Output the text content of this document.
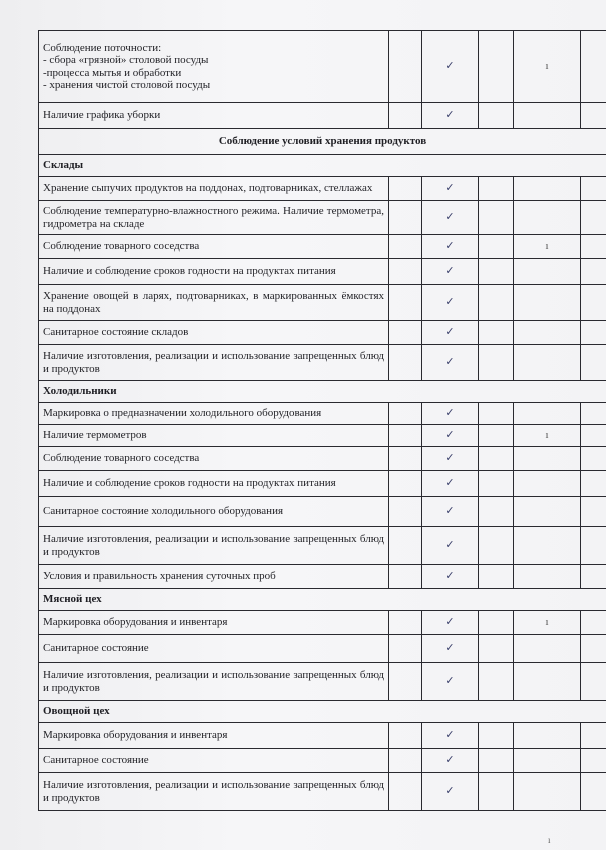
Соблюдение поточности:
- сбора «грязной» столовой посуды
-процесса мытья и обработки
- хранения чистой столовой посуды		✓		ı	
Наличие графика уборки		✓			
Соблюдение условий хранения продуктов					
Склады					
Хранение сыпучих продуктов на поддонах, подтоварниках, стеллажах		✓			
Соблюдение температурно-влажностного режима. Наличие термометра, гидрометра на складе		✓			
Соблюдение товарного соседства		✓		ı	
Наличие и соблюдение сроков годности на продуктах питания		✓			
Хранение овощей в ларях, подтоварниках, в маркированных ёмкостях на поддонах		✓			
Санитарное состояние складов		✓			
Наличие изготовления, реализации и использование запрещенных блюд и продуктов		✓			
Холодильники					
Маркировка о предназначении холодильного оборудования		✓			
Наличие термометров		✓		ı	
Соблюдение товарного соседства		✓			
Наличие и соблюдение сроков годности на продуктах питания		✓			
Санитарное состояние холодильного оборудования		✓			
Наличие изготовления, реализации и использование запрещенных блюд и продуктов		✓			
Условия и правильность хранения суточных проб		✓			
Мясной цех					
Маркировка оборудования и инвентаря		✓		ı	
Санитарное состояние		✓			
Наличие изготовления, реализации и использование запрещенных блюд и продуктов		✓			
Овощной цех					
Маркировка оборудования и инвентаря		✓			
Санитарное состояние		✓			
Наличие изготовления, реализации и использование запрещенных блюд и продуктов		✓			
ı
